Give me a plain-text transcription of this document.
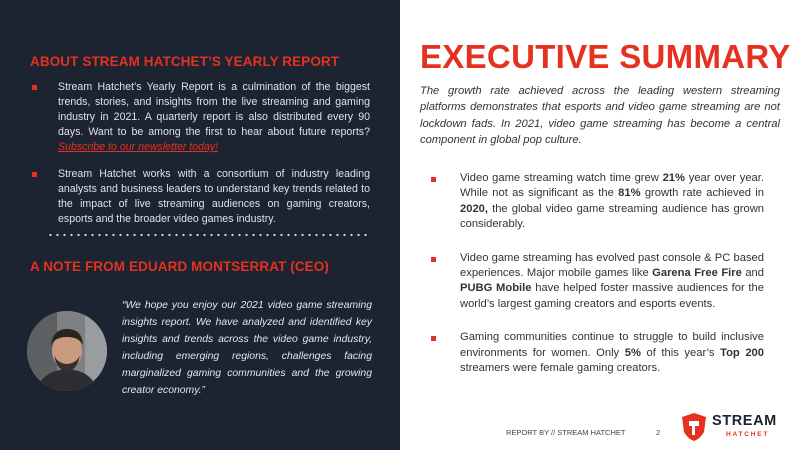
ABOUT STREAM HATCHET’S YEARLY REPORT
Stream Hatchet’s Yearly Report is a culmination of the biggest trends, stories, and insights from the live streaming and gaming industry in 2021. A quarterly report is also distributed every 90 days. Want to be among the first to hear about future reports? Subscribe to our newsletter today!
Stream Hatchet works with a consortium of industry leading analysts and business leaders to understand key trends related to the impact of live streaming audiences on gaming creators, esports and the broader video games industry.
A NOTE FROM EDUARD MONTSERRAT (CEO)

“We hope you enjoy our 2021 video game streaming insights report. We have analyzed and identified key insights and trends across the video game industry, including emerging regions, challenges facing marginalized gaming communities and the growing creator economy.”

EXECUTIVE SUMMARY

The growth rate achieved across the leading western streaming platforms demonstrates that esports and video game streaming are not lockdown fads. In 2021, video game streaming has become a central component in global pop culture.

Video game streaming watch time grew 21% year over year. While not as significant as the 81% growth rate achieved in 2020, the global video game streaming audience has grown considerably.
Video game streaming has evolved past console & PC based experiences. Major mobile games like Garena Free Fire and PUBG Mobile have helped foster massive audiences for the world’s largest gaming creators and esports events.
Gaming communities continue to struggle to build inclusive environments for women. Only 5% of this year’s Top 200 streamers were female gaming creators.
REPORT BY // STREAM HATCHET	2
STREAM
HATCHET
